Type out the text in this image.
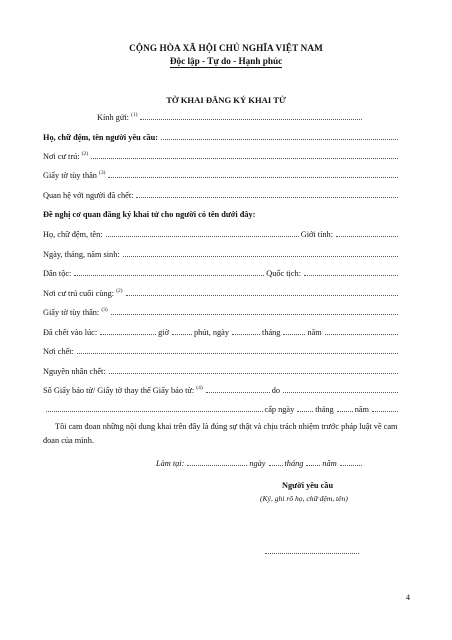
CỘNG HÒA XÃ HỘI CHỦ NGHĨA VIỆT NAM
Độc lập - Tự do - Hạnh phúc
TỜ KHAI ĐĂNG KÝ KHAI TỬ
Kính gửi: $^{(1)}$
Họ, chữ đệm, tên người yêu cầu:
Nơi cư trú: $^{(2)}$
Giấy tờ tùy thân $^{(3)}$
Quan hệ với người đã chết:
Đề nghị cơ quan đăng ký khai tử cho người có tên dưới đây:
Họ, chữ đệm, tên:	Giới tính:
Ngày, tháng, năm sinh:
Dân tộc:	Quốc tịch:
Nơi cư trú cuối cùng: $^{(2)}$
Giấy tờ tùy thân: $^{(3)}$
Đã chết vào lúc:	giờ	phút, ngày	tháng	năm
Nơi chết:
Nguyên nhân chết:
Số Giấy báo tử/ Giấy tờ thay thế Giấy báo tử: $^{(4)}$	do
cấp ngày	tháng	năm
Tôi cam đoan những nội dung khai trên đây là đúng sự thật và chịu trách nhiệm trước pháp luật về cam đoan của mình.
Làm tại:	ngày tháng năm
Người yêu cầu
(Ký, ghi rõ họ, chữ đệm, tên)
4
